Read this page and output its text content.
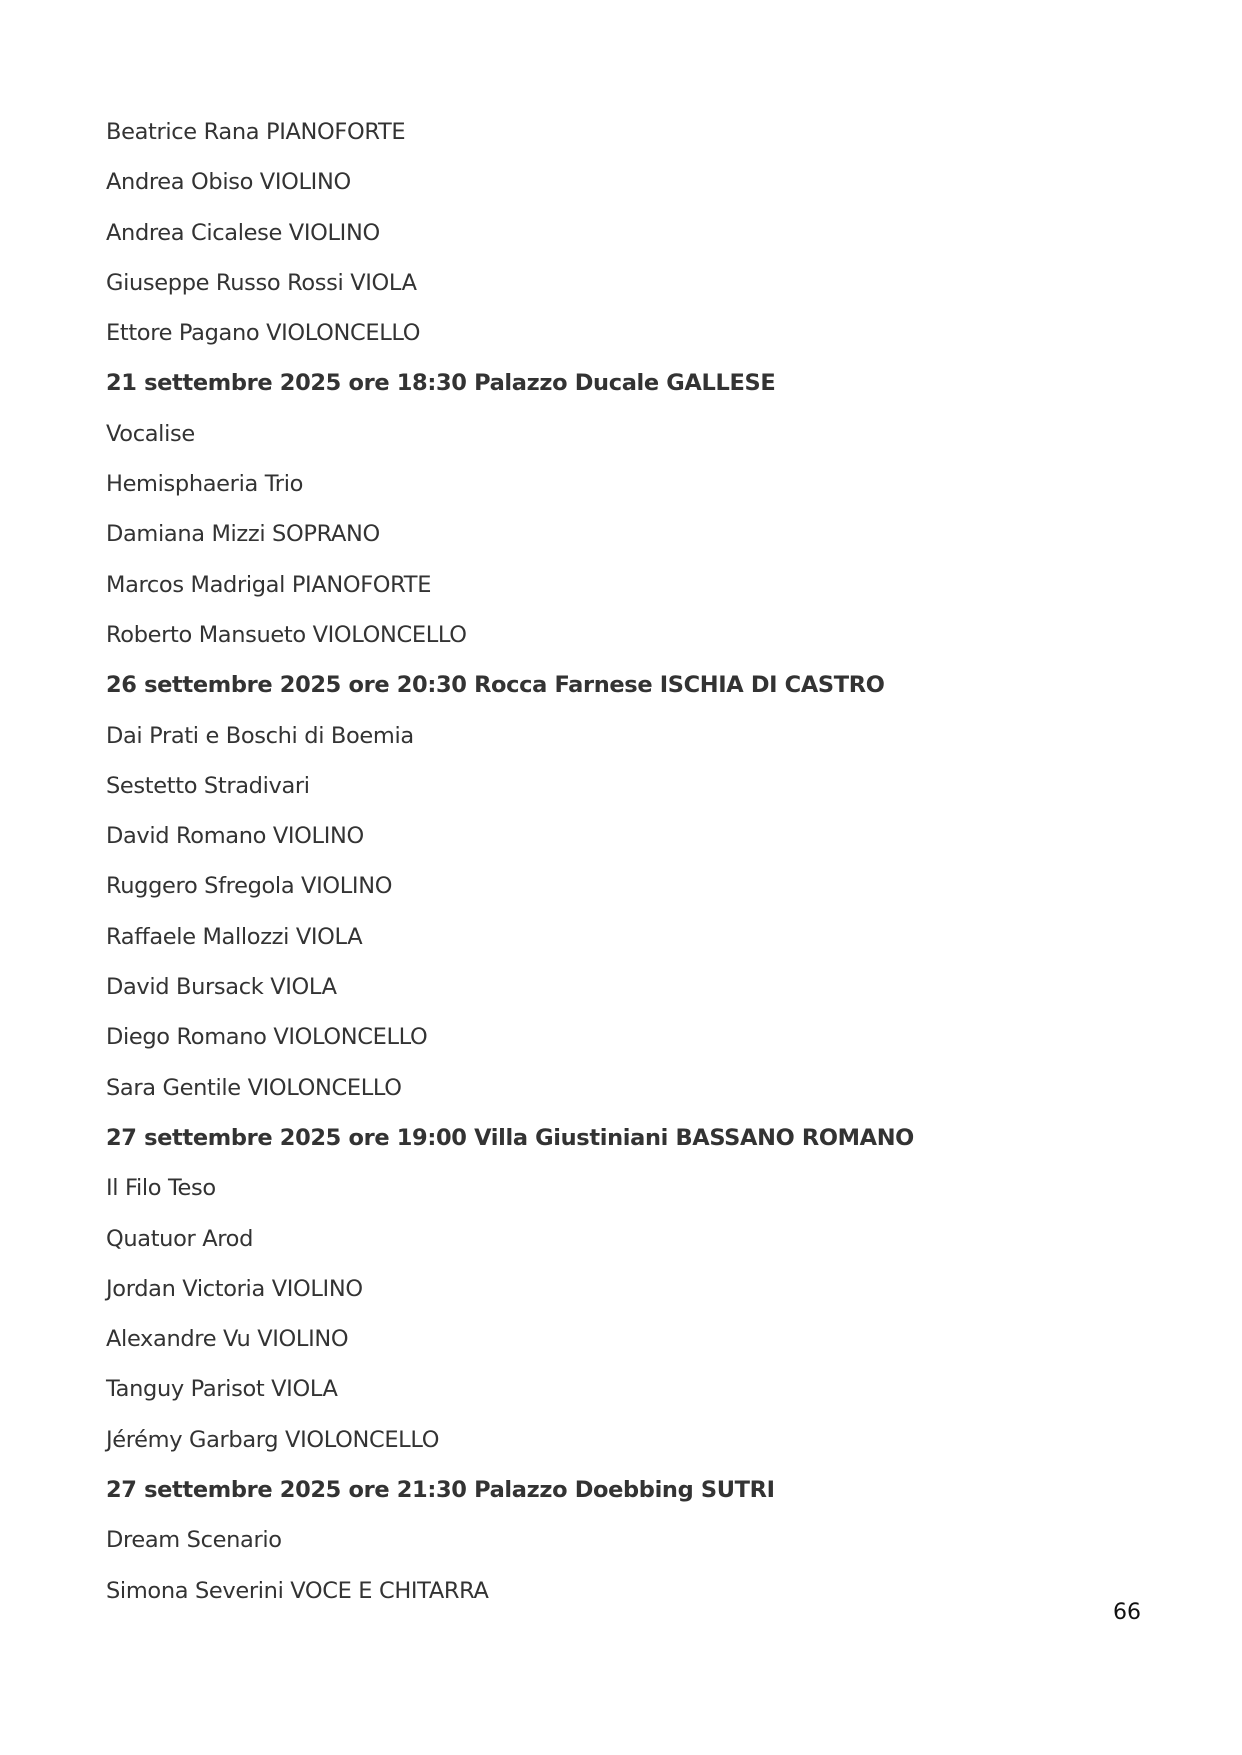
Beatrice Rana PIANOFORTE
Andrea Obiso VIOLINO
Andrea Cicalese VIOLINO
Giuseppe Russo Rossi VIOLA
Ettore Pagano VIOLONCELLO
21 settembre 2025 ore 18:30 Palazzo Ducale GALLESE
Vocalise
Hemisphaeria Trio
Damiana Mizzi SOPRANO
Marcos Madrigal PIANOFORTE
Roberto Mansueto VIOLONCELLO
26 settembre 2025 ore 20:30 Rocca Farnese ISCHIA DI CASTRO
Dai Prati e Boschi di Boemia
Sestetto Stradivari
David Romano VIOLINO
Ruggero Sfregola VIOLINO
Raffaele Mallozzi VIOLA
David Bursack VIOLA
Diego Romano VIOLONCELLO
Sara Gentile VIOLONCELLO
27 settembre 2025 ore 19:00 Villa Giustiniani BASSANO ROMANO
Il Filo Teso
Quatuor Arod
Jordan Victoria VIOLINO
Alexandre Vu VIOLINO
Tanguy Parisot VIOLA
Jérémy Garbarg VIOLONCELLO
27 settembre 2025 ore 21:30 Palazzo Doebbing SUTRI
Dream Scenario
Simona Severini VOCE E CHITARRA
66
